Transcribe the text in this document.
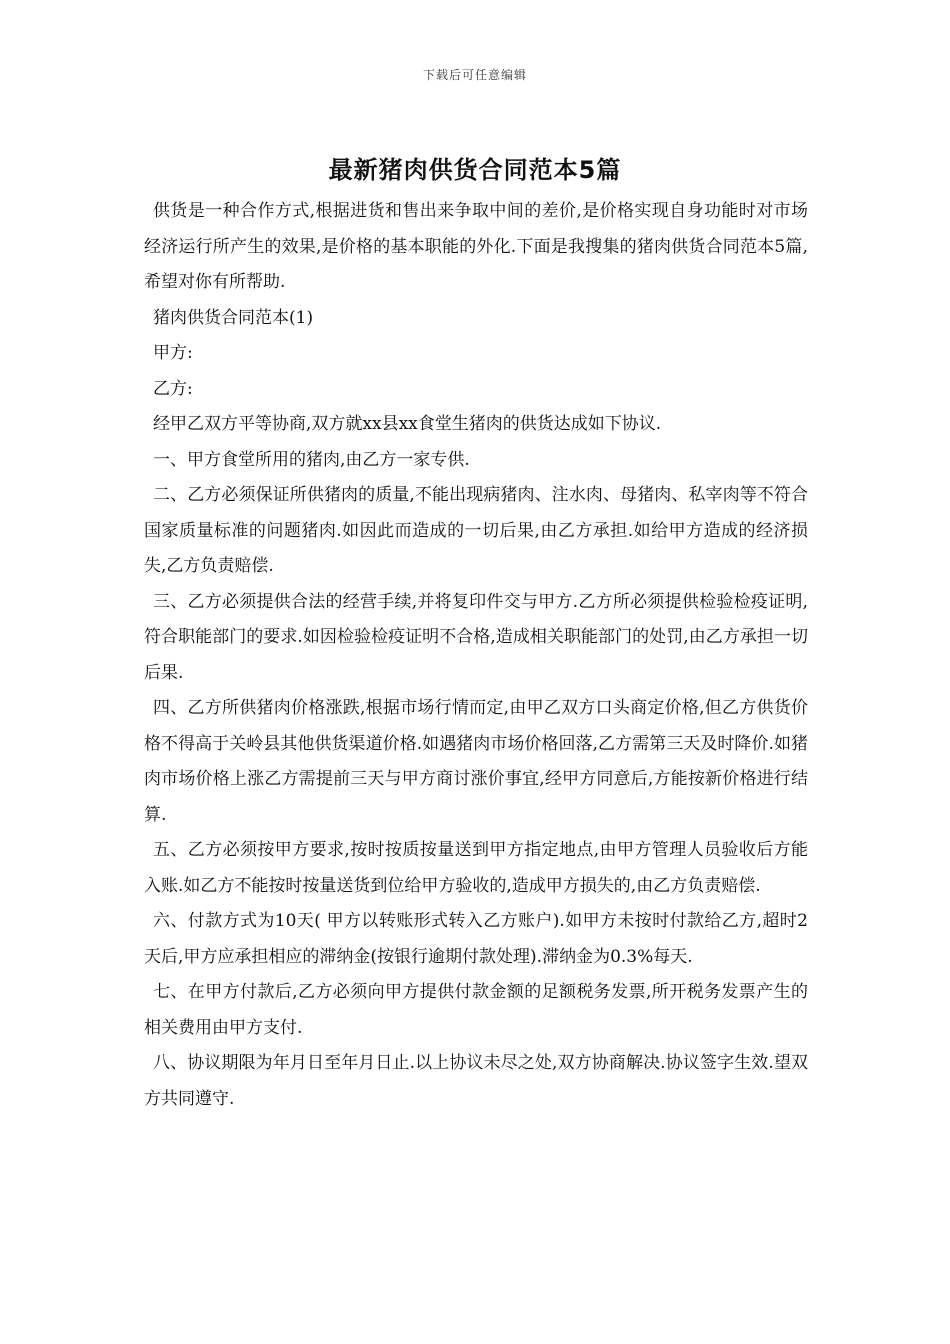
下载后可任意编辑
最新猪肉供货合同范本5篇

供货是一种合作方式,根据进货和售出来争取中间的差价,是价格实现自身功能时对市场经济运行所产生的效果,是价格的基本职能的外化.下面是我搜集的猪肉供货合同范本5篇,希望对你有所帮助.

猪肉供货合同范本(1)

甲方:

乙方:

经甲乙双方平等协商,双方就xx县xx食堂生猪肉的供货达成如下协议.

一、甲方食堂所用的猪肉,由乙方一家专供.

二、乙方必须保证所供猪肉的质量,不能出现病猪肉、注水肉、母猪肉、私宰肉等不符合国家质量标准的问题猪肉.如因此而造成的一切后果,由乙方承担.如给甲方造成的经济损失,乙方负责赔偿.

三、乙方必须提供合法的经营手续,并将复印件交与甲方.乙方所必须提供检验检疫证明,符合职能部门的要求.如因检验检疫证明不合格,造成相关职能部门的处罚,由乙方承担一切后果.

四、乙方所供猪肉价格涨跌,根据市场行情而定,由甲乙双方口头商定价格,但乙方供货价格不得高于关岭县其他供货渠道价格.如遇猪肉市场价格回落,乙方需第三天及时降价.如猪肉市场价格上涨乙方需提前三天与甲方商讨涨价事宜,经甲方同意后,方能按新价格进行结算.

五、乙方必须按甲方要求,按时按质按量送到甲方指定地点,由甲方管理人员验收后方能入账.如乙方不能按时按量送货到位给甲方验收的,造成甲方损失的,由乙方负责赔偿.

六、付款方式为10天( 甲方以转账形式转入乙方账户).如甲方未按时付款给乙方,超时2天后,甲方应承担相应的滞纳金(按银行逾期付款处理).滞纳金为0.3%每天.

七、在甲方付款后,乙方必须向甲方提供付款金额的足额税务发票,所开税务发票产生的相关费用由甲方支付.

八、协议期限为年月日至年月日止.以上协议未尽之处,双方协商解决.协议签字生效.望双方共同遵守.
